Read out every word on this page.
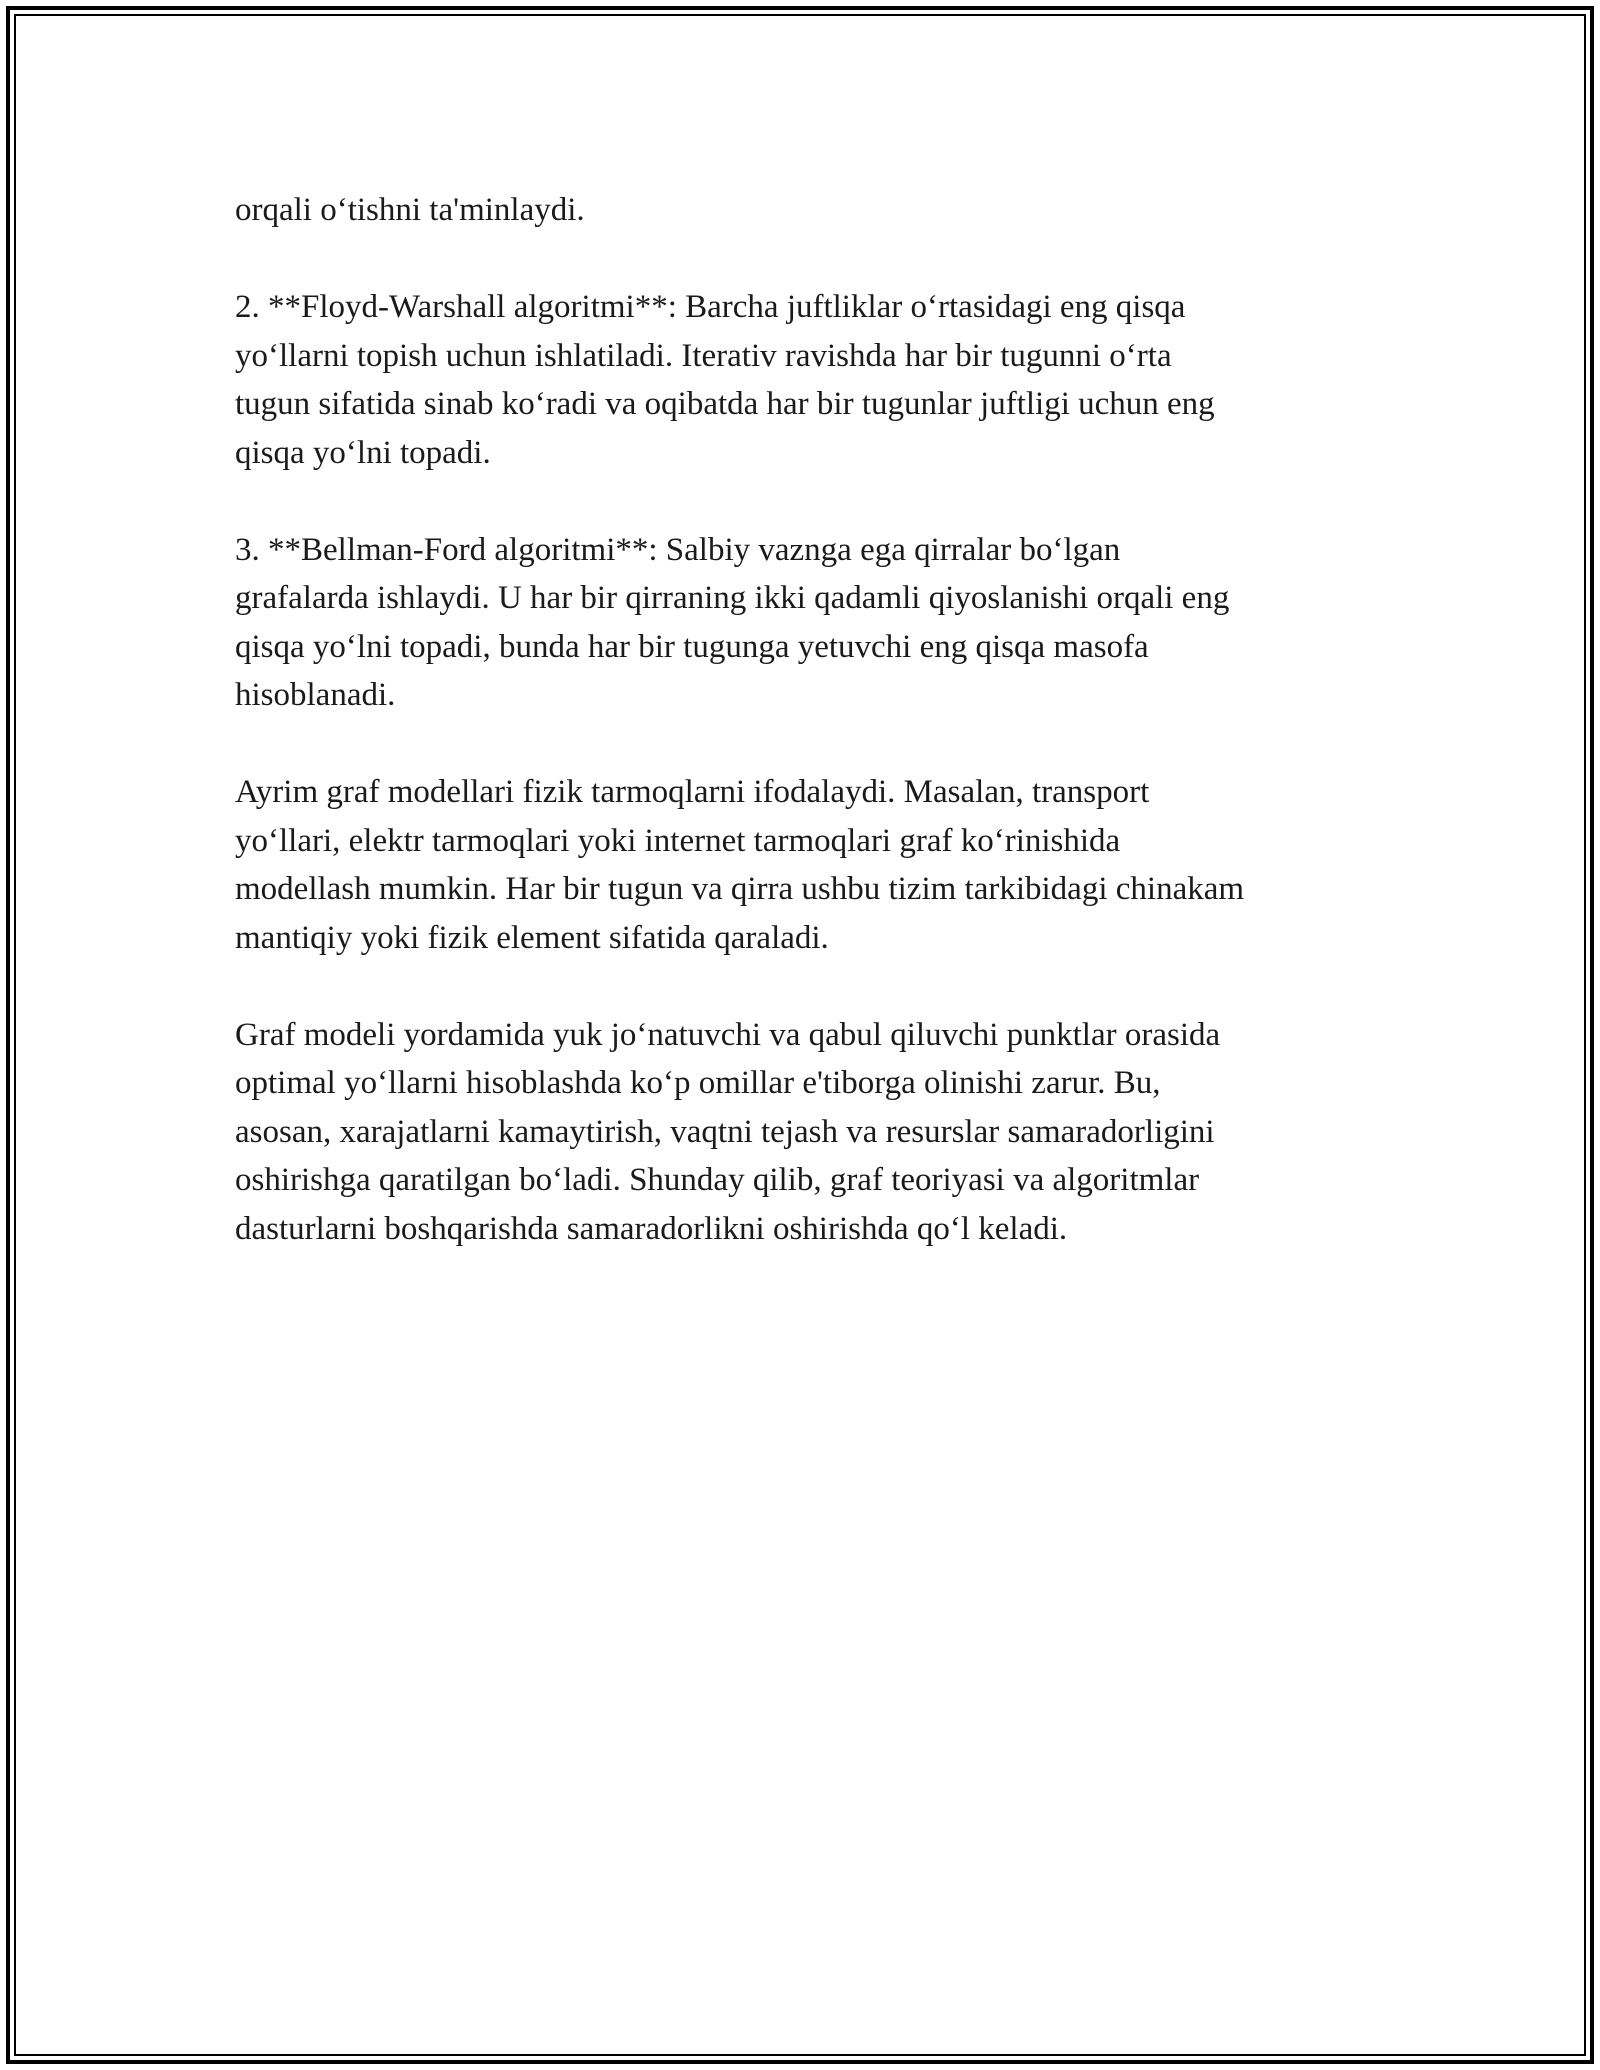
orqali o‘tishni ta'minlaydi.

2. **Floyd-Warshall algoritmi**: Barcha juftliklar o‘rtasidagi eng qisqa
yo‘llarni topish uchun ishlatiladi. Iterativ ravishda har bir tugunni o‘rta
tugun sifatida sinab ko‘radi va oqibatda har bir tugunlar juftligi uchun eng
qisqa yo‘lni topadi.

3. **Bellman-Ford algoritmi**: Salbiy vaznga ega qirralar bo‘lgan
grafalarda ishlaydi. U har bir qirraning ikki qadamli qiyoslanishi orqali eng
qisqa yo‘lni topadi, bunda har bir tugunga yetuvchi eng qisqa masofa
hisoblanadi.

Ayrim graf modellari fizik tarmoqlarni ifodalaydi. Masalan, transport
yo‘llari, elektr tarmoqlari yoki internet tarmoqlari graf ko‘rinishida
modellash mumkin. Har bir tugun va qirra ushbu tizim tarkibidagi chinakam
mantiqiy yoki fizik element sifatida qaraladi.

Graf modeli yordamida yuk jo‘natuvchi va qabul qiluvchi punktlar orasida
optimal yo‘llarni hisoblashda ko‘p omillar e'tiborga olinishi zarur. Bu,
asosan, xarajatlarni kamaytirish, vaqtni tejash va resurslar samaradorligini
oshirishga qaratilgan bo‘ladi. Shunday qilib, graf teoriyasi va algoritmlar
dasturlarni boshqarishda samaradorlikni oshirishda qo‘l keladi.
